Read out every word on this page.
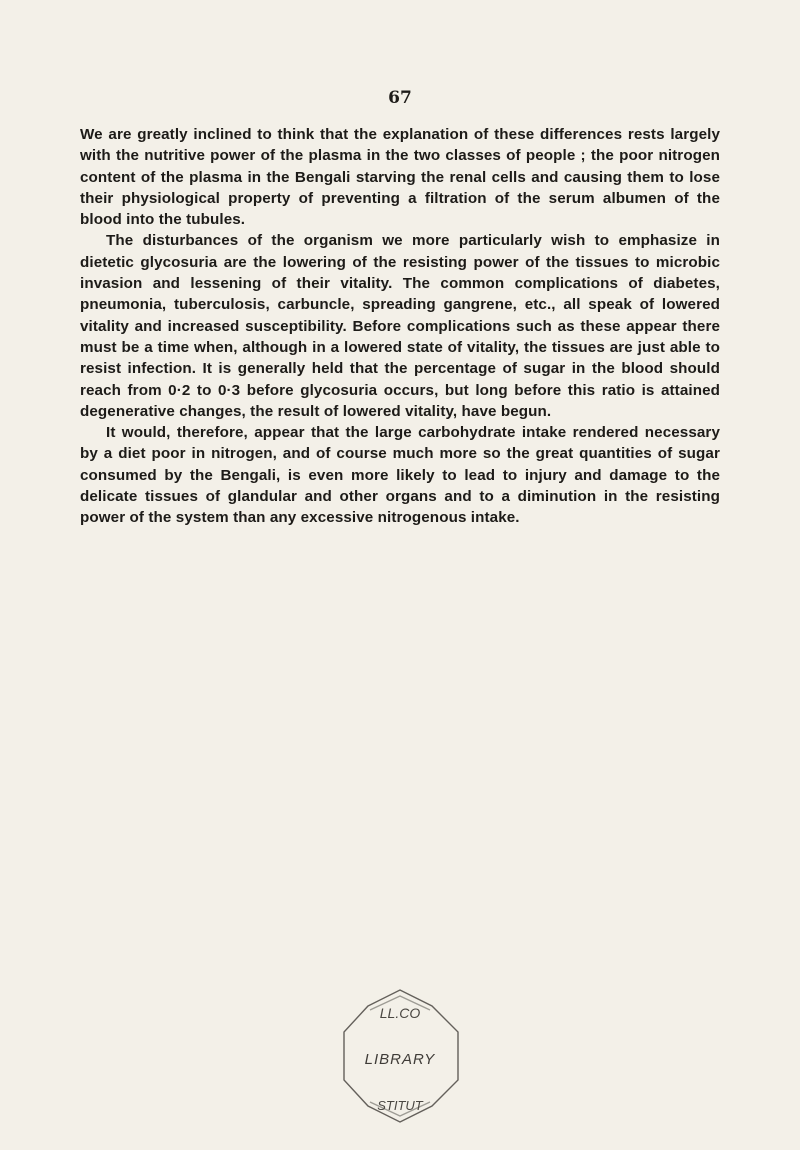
67

We are greatly inclined to think that the explanation of these differences rests largely with the nutritive power of the plasma in the two classes of people ; the poor nitrogen content of the plasma in the Bengali starving the renal cells and causing them to lose their physiological property of preventing a filtration of the serum albumen of the blood into the tubules.

The disturbances of the organism we more particularly wish to emphasize in dietetic glycosuria are the lowering of the resisting power of the tissues to microbic invasion and lessening of their vitality. The common complications of diabetes, pneumonia, tuberculosis, carbuncle, spreading gangrene, etc., all speak of lowered vitality and increased susceptibility. Before complications such as these appear there must be a time when, although in a lowered state of vitality, the tissues are just able to resist infection. It is generally held that the percentage of sugar in the blood should reach from 0·2 to 0·3 before glycosuria occurs, but long before this ratio is attained degenerative changes, the result of lowered vitality, have begun.

It would, therefore, appear that the large carbohydrate intake rendered necessary by a diet poor in nitrogen, and of course much more so the great quantities of sugar consumed by the Bengali, is even more likely to lead to injury and damage to the delicate tissues of glandular and other organs and to a diminution in the resisting power of the system than any excessive nitrogenous intake.

LL.CO
LIBRARY
STITUT
